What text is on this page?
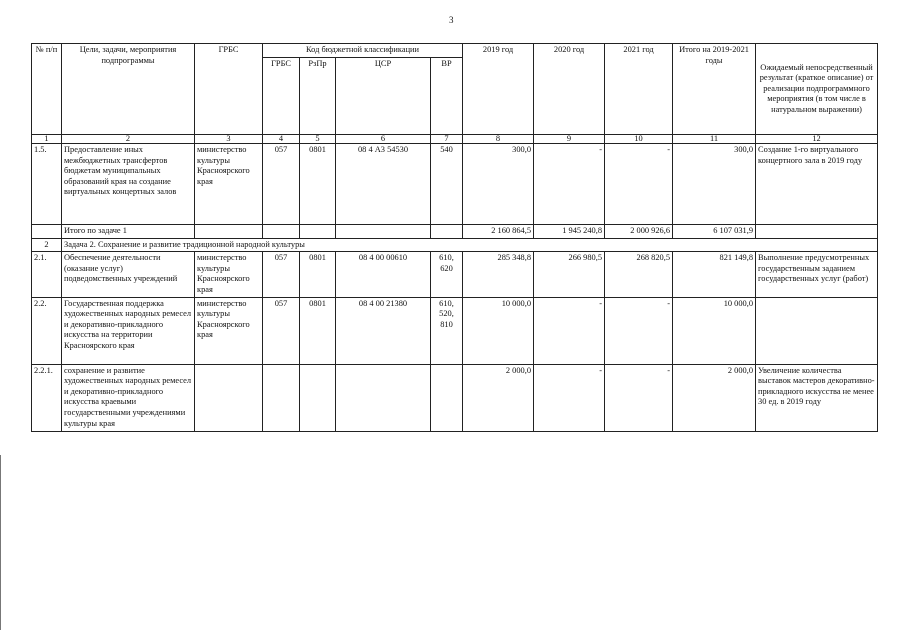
3
№ п/п	Цели, задачи, мероприятия подпрограммы	ГРБС	Код бюджетной классификации				2019 год	2020 год	2021 год	Итого на 2019-2021 годы	Ожидаемый непосредственный результат (краткое описание) от реализации подпрограммного мероприятия (в том числе в натуральном выражении)
			ГРБС	РзПр	ЦСР	ВР					
1	2	3	4	5	6	7	8	9	10	11	12
1.5.	Предоставление иных межбюджетных трансфертов бюджетам муниципальных образований края на создание виртуальных концертных залов	министерство культуры Красноярского края	057	0801	08 4 А3 54530	540	300,0	-	-	300,0	Создание 1-го виртуального концертного зала в 2019 году
	Итого по задаче 1						2 160 864,5	1 945 240,8	2 000 926,6	6 107 031,9	
2	Задача 2. Сохранение и развитие традиционной народной культуры										
2.1.	Обеспечение деятельности (оказание услуг) подведомственных учреждений	министерство культуры Красноярского края	057	0801	08 4 00 00610	610, 620	285 348,8	266 980,5	268 820,5	821 149,8	Выполнение предусмотренных государственным заданием государственных услуг (работ)
2.2.	Государственная поддержка художественных народных ремесел и декоративно-прикладного искусства на территории Красноярского края	министерство культуры Красноярского края	057	0801	08 4 00 21380	610, 520, 810	10 000,0	-	-	10 000,0	
2.2.1.	сохранение и развитие художественных народных ремесел и декоративно-прикладного искусства краевыми государственными учреждениями культуры края						2 000,0	-	-	2 000,0	Увеличение количества выставок мастеров декоративно-прикладного искусства не менее 30 ед. в 2019 году
